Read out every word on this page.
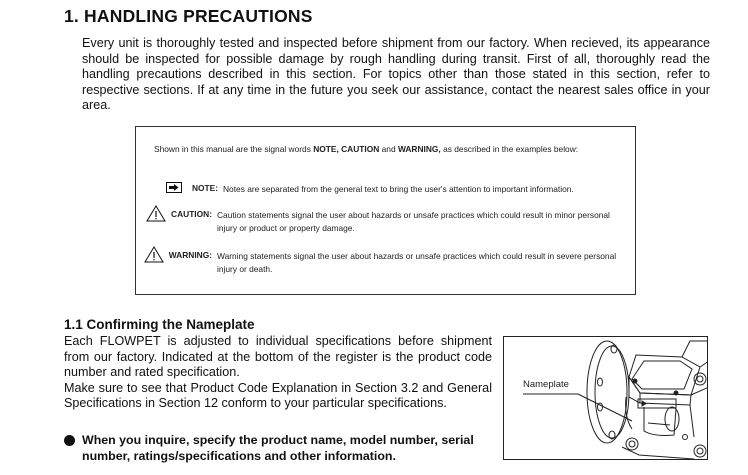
1. HANDLING PRECAUTIONS
Every unit is thoroughly tested and inspected before shipment from our factory. When recieved, its appearance should be inspected for possible damage by rough handling during transit. First of all, thoroughly read the handling precautions described in this section. For topics other than those stated in this section, refer to respective sections. If at any time in the future you seek our assistance, contact the nearest sales office in your area.
Shown in this manual are the signal words NOTE, CAUTION and WARNING, as described in the examples below:
NOTE: Notes are separated from the general text to bring the user's attention to important information.
CAUTION: Caution statements signal the user about hazards or unsafe practices which could result in minor personal injury or product or property damage.
WARNING: Warning statements signal the user about hazards or unsafe practices which could result in severe personal injury or death.
1.1 Confirming the Nameplate
Each FLOWPET is adjusted to individual specifications before shipment from our factory. Indicated at the bottom of the register is the product code number and rated specification.
Make sure to see that Product Code Explanation in Section 3.2 and General Specifications in Section 12 conform to your particular specifications.
When you inquire, specify the product name, model number, serial number, ratings/specifications and other information.
Nameplate
